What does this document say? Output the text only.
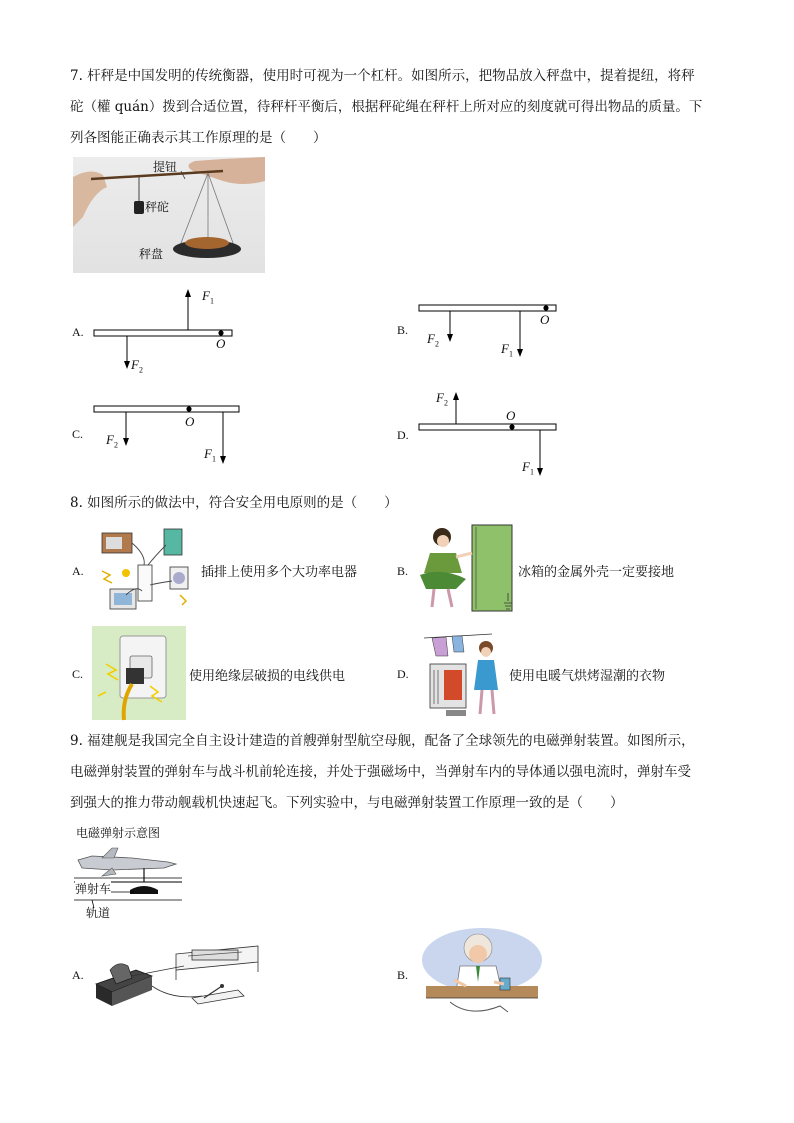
7. 杆秤是中国发明的传统衡器，使用时可视为一个杠杆。如图所示，把物品放入秤盘中，提着提纽，将秤
砣（權 quán）拨到合适位置，待秤杆平衡后，根据秤砣绳在秤杆上所对应的刻度就可得出物品的质量。下
列各图能正确表示其工作原理的是（　　）
提钮
秤砣
秤盘
A.
$F_1$
$F_2$
O
B.
O
$F_2$	$F_1$
C.
O
$F_2$
$F_1$
D.
$F_2$
O
$F_1$
8. 如图所示的做法中，符合安全用电原则的是（　　）
A.	插排上使用多个大功率电器	B.	冰箱的金属外壳一定要接地
C.	使用绝缘层破损的电线供电	D.	使用电暖气烘烤湿潮的衣物
9. 福建舰是我国完全自主设计建造的首艘弹射型航空母舰，配备了全球领先的电磁弹射装置。如图所示，
电磁弹射装置的弹射车与战斗机前轮连接，并处于强磁场中，当弹射车内的导体通以强电流时，弹射车受
到强大的推力带动舰载机快速起飞。下列实验中，与电磁弹射装置工作原理一致的是（　　）
电磁弹射示意图
弹射车
轨道
A.	B.
